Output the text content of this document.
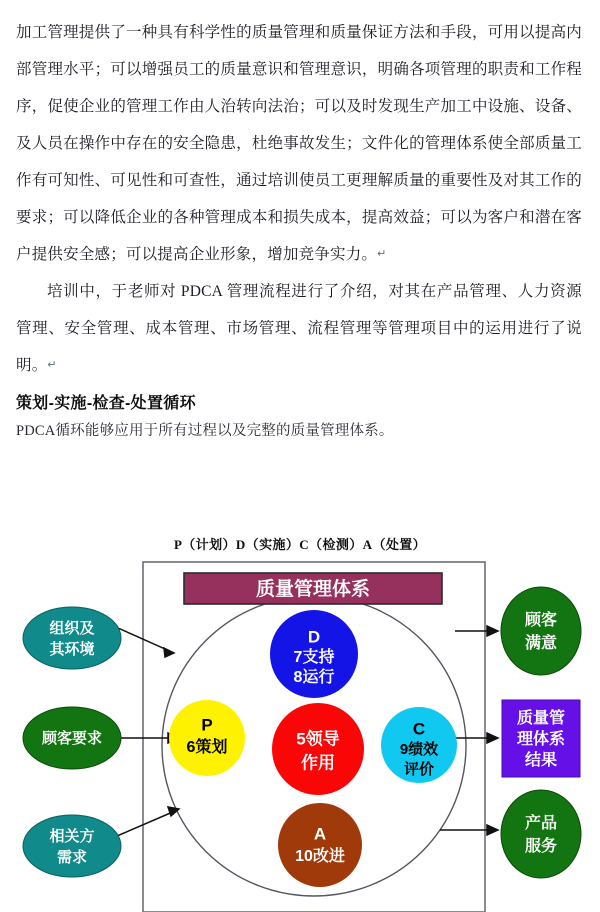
加工管理提供了一种具有科学性的质量管理和质量保证方法和手段，可用以提高内部管理水平；可以增强员工的质量意识和管理意识，明确各项管理的职责和工作程序，促使企业的管理工作由人治转向法治；可以及时发现生产加工中设施、设备、及人员在操作中存在的安全隐患，杜绝事故发生；文件化的管理体系使全部质量工作有可知性、可见性和可查性，通过培训使员工更理解质量的重要性及对其工作的要求；可以降低企业的各种管理成本和损失成本，提高效益；可以为客户和潜在客户提供安全感；可以提高企业形象，增加竞争实力。↵

培训中，于老师对 PDCA 管理流程进行了介绍，对其在产品管理、人力资源管理、安全管理、成本管理、市场管理、流程管理等管理项目中的运用进行了说明。↵

策划-实施-检查-处置循环

PDCA循环能够应用于所有过程以及完整的质量管理体系。

P（计划）D（实施）C（检测）A（处置）
质量管理体系
组织及
其环境
顾客要求
相关方
需求
顾客
满意
质量管
理体系
结果
产品
服务
D
7支持
8运行
P
6策划
C
9绩效
评价
A
10改进
5领导
作用
